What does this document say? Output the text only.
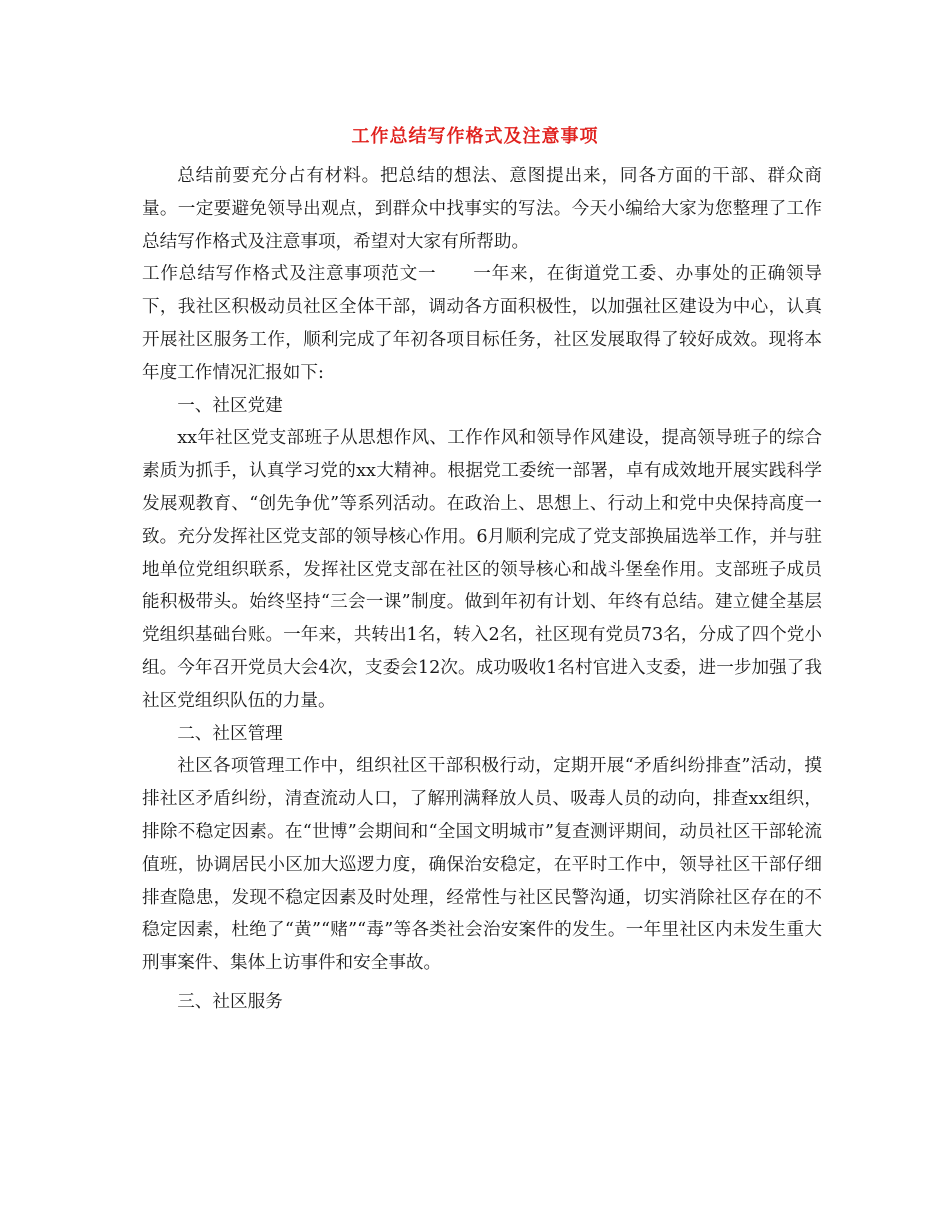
工作总结写作格式及注意事项

总结前要充分占有材料。把总结的想法、意图提出来，同各方面的干部、群众商量。一定要避免领导出观点，到群众中找事实的写法。今天小编给大家为您整理了工作总结写作格式及注意事项，希望对大家有所帮助。

工作总结写作格式及注意事项范文一　　一年来，在街道党工委、办事处的正确领导下，我社区积极动员社区全体干部，调动各方面积极性，以加强社区建设为中心，认真开展社区服务工作，顺利完成了年初各项目标任务，社区发展取得了较好成效。现将本年度工作情况汇报如下:

一、社区党建

xx年社区党支部班子从思想作风、工作作风和领导作风建设，提高领导班子的综合素质为抓手，认真学习党的xx大精神。根据党工委统一部署，卓有成效地开展实践科学发展观教育、“创先争优”等系列活动。在政治上、思想上、行动上和党中央保持高度一致。充分发挥社区党支部的领导核心作用。6月顺利完成了党支部换届选举工作，并与驻地单位党组织联系，发挥社区党支部在社区的领导核心和战斗堡垒作用。支部班子成员能积极带头。始终坚持“三会一课”制度。做到年初有计划、年终有总结。建立健全基层党组织基础台账。一年来，共转出1名，转入2名，社区现有党员73名，分成了四个党小组。今年召开党员大会4次，支委会12次。成功吸收1名村官进入支委，进一步加强了我社区党组织队伍的力量。

二、社区管理

社区各项管理工作中，组织社区干部积极行动，定期开展“矛盾纠纷排查”活动，摸排社区矛盾纠纷，清查流动人口，了解刑满释放人员、吸毒人员的动向，排查xx组织，排除不稳定因素。在“世博”会期间和“全国文明城市”复查测评期间，动员社区干部轮流值班，协调居民小区加大巡逻力度，确保治安稳定，在平时工作中，领导社区干部仔细排查隐患，发现不稳定因素及时处理，经常性与社区民警沟通，切实消除社区存在的不稳定因素，杜绝了“黄”“赌”“毒”等各类社会治安案件的发生。一年里社区内未发生重大刑事案件、集体上访事件和安全事故。

三、社区服务
